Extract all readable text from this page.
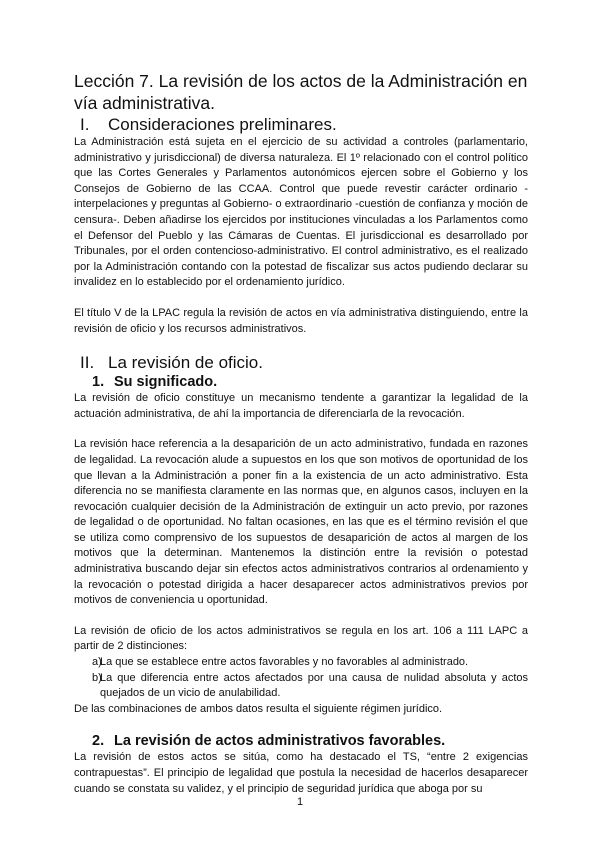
Lección 7. La revisión de los actos de la Administración en vía administrativa.
I.	Consideraciones preliminares.

La Administración está sujeta en el ejercicio de su actividad a controles (parlamentario, administrativo y jurisdiccional) de diversa naturaleza. El 1º relacionado con el control político que las Cortes Generales y Parlamentos autonómicos ejercen sobre el Gobierno y los Consejos de Gobierno de las CCAA. Control que puede revestir carácter ordinario -interpelaciones y preguntas al Gobierno- o extraordinario -cuestión de confianza y moción de censura-. Deben añadirse los ejercidos por instituciones vinculadas a los Parlamentos como el Defensor del Pueblo y las Cámaras de Cuentas. El jurisdiccional es desarrollado por Tribunales, por el orden contencioso-administrativo. El control administrativo, es el realizado por la Administración contando con la potestad de fiscalizar sus actos pudiendo declarar su invalidez en lo establecido por el ordenamiento jurídico.

El título V de la LPAC regula la revisión de actos en vía administrativa distinguiendo, entre la revisión de oficio y los recursos administrativos.

II. La revisión de oficio.
1. Su significado.

La revisión de oficio constituye un mecanismo tendente a garantizar la legalidad de la actuación administrativa, de ahí la importancia de diferenciarla de la revocación.

La revisión hace referencia a la desaparición de un acto administrativo, fundada en razones de legalidad. La revocación alude a supuestos en los que son motivos de oportunidad de los que llevan a la Administración a poner fin a la existencia de un acto administrativo. Esta diferencia no se manifiesta claramente en las normas que, en algunos casos, incluyen en la revocación cualquier decisión de la Administración de extinguir un acto previo, por razones de legalidad o de oportunidad. No faltan ocasiones, en las que es el término revisión el que se utiliza como comprensivo de los supuestos de desaparición de actos al margen de los motivos que la determinan. Mantenemos la distinción entre la revisión o potestad administrativa buscando dejar sin efectos actos administrativos contrarios al ordenamiento y la revocación o potestad dirigida a hacer desaparecer actos administrativos previos por motivos de conveniencia u oportunidad.

La revisión de oficio de los actos administrativos se regula en los art. 106 a 111 LAPC a partir de 2 distinciones:

a)
La que se establece entre actos favorables y no favorables al administrado.
b)
La que diferencia entre actos afectados por una causa de nulidad absoluta y actos quejados de un vicio de anulabilidad.

De las combinaciones de ambos datos resulta el siguiente régimen jurídico.

2. La revisión de actos administrativos favorables.

La revisión de estos actos se sitúa, como ha destacado el TS, “entre 2 exigencias contrapuestas”. El principio de legalidad que postula la necesidad de hacerlos desaparecer cuando se constata su validez, y el principio de seguridad jurídica que aboga por su

1
